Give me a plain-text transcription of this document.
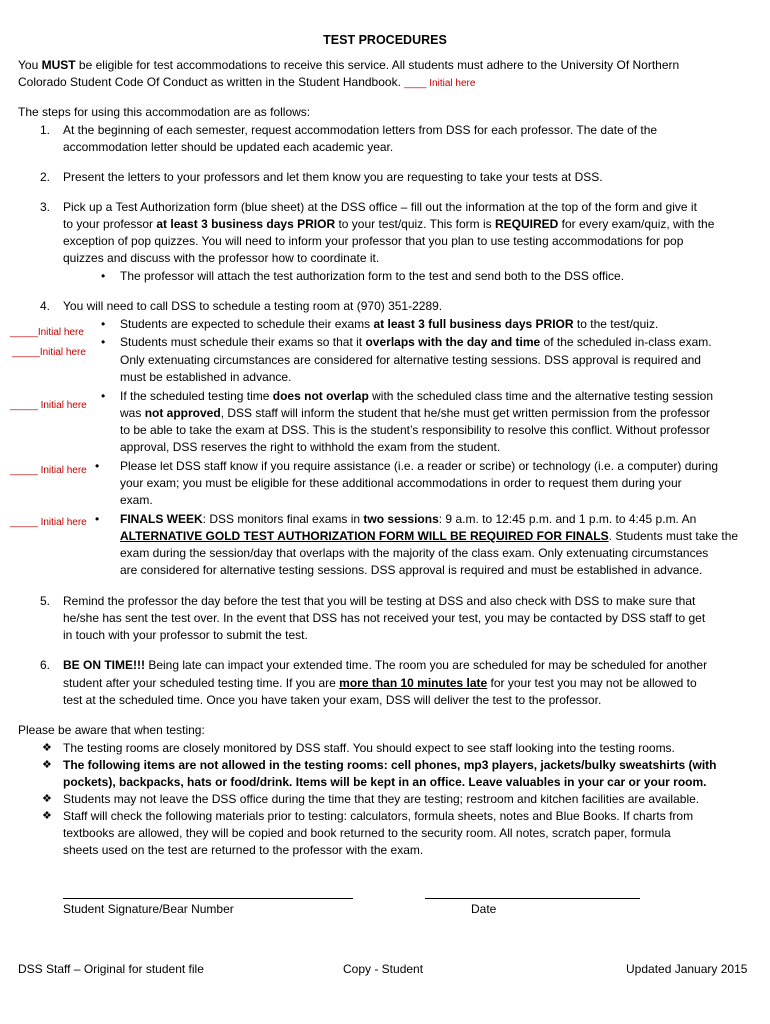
TEST PROCEDURES
You MUST be eligible for test accommodations to receive this service. All students must adhere to the University Of Northern
Colorado Student Code Of Conduct as written in the Student Handbook. ____ Initial here
The steps for using this accommodation are as follows:
1. At the beginning of each semester, request accommodation letters from DSS for each professor. The date of the
accommodation letter should be updated each academic year.
2. Present the letters to your professors and let them know you are requesting to take your tests at DSS.
3. Pick up a Test Authorization form (blue sheet) at the DSS office – fill out the information at the top of the form and give it
to your professor at least 3 business days PRIOR to your test/quiz. This form is REQUIRED for every exam/quiz, with the
exception of pop quizzes. You will need to inform your professor that you plan to use testing accommodations for pop
quizzes and discuss with the professor how to coordinate it.
• The professor will attach the test authorization form to the test and send both to the DSS office.
4. You will need to call DSS to schedule a testing room at (970) 351-2289.
_____Initial here
• Students are expected to schedule their exams at least 3 full business days PRIOR to the test/quiz.
_____Initial here
• Students must schedule their exams so that it overlaps with the day and time of the scheduled in-class exam.
Only extenuating circumstances are considered for alternative testing sessions. DSS approval is required and
must be established in advance.
_____ Initial here
• If the scheduled testing time does not overlap with the scheduled class time and the alternative testing session
was not approved, DSS staff will inform the student that he/she must get written permission from the professor
to be able to take the exam at DSS. This is the student’s responsibility to resolve this conflict. Without professor
approval, DSS reserves the right to withhold the exam from the student.
_____ Initial here • Please let DSS staff know if you require assistance (i.e. a reader or scribe) or technology (i.e. a computer) during
your exam; you must be eligible for these additional accommodations in order to request them during your
exam.
_____ Initial here • FINALS WEEK: DSS monitors final exams in two sessions: 9 a.m. to 12:45 p.m. and 1 p.m. to 4:45 p.m. An
ALTERNATIVE GOLD TEST AUTHORIZATION FORM WILL BE REQUIRED FOR FINALS. Students must take the
exam during the session/day that overlaps with the majority of the class exam. Only extenuating circumstances
are considered for alternative testing sessions. DSS approval is required and must be established in advance.
5. Remind the professor the day before the test that you will be testing at DSS and also check with DSS to make sure that
he/she has sent the test over. In the event that DSS has not received your test, you may be contacted by DSS staff to get
in touch with your professor to submit the test.
6. BE ON TIME!!! Being late can impact your extended time. The room you are scheduled for may be scheduled for another
student after your scheduled testing time. If you are more than 10 minutes late for your test you may not be allowed to
test at the scheduled time. Once you have taken your exam, DSS will deliver the test to the professor.
Please be aware that when testing:
❖ The testing rooms are closely monitored by DSS staff. You should expect to see staff looking into the testing rooms.
❖ The following items are not allowed in the testing rooms: cell phones, mp3 players, jackets/bulky sweatshirts (with
pockets), backpacks, hats or food/drink. Items will be kept in an office. Leave valuables in your car or your room.
❖ Students may not leave the DSS office during the time that they are testing; restroom and kitchen facilities are available.
❖ Staff will check the following materials prior to testing: calculators, formula sheets, notes and Blue Books. If charts from
textbooks are allowed, they will be copied and book returned to the security room. All notes, scratch paper, formula
sheets used on the test are returned to the professor with the exam.
Student Signature/Bear Number	Date
DSS Staff – Original for student file	Copy - Student	Updated January 2015
